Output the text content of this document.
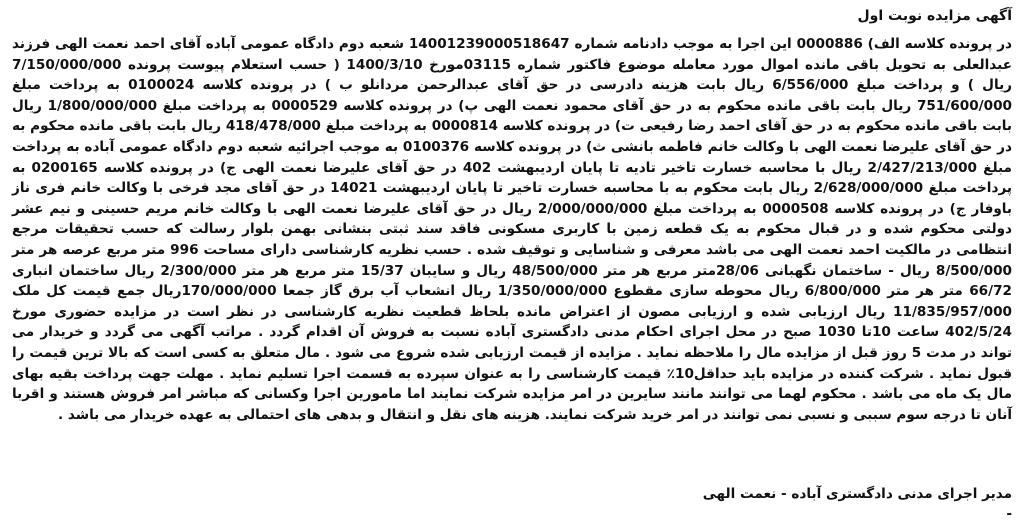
آگهی مزایده نوبت اول

در پرونده کلاسه الف) 0000886 این اجرا به موجب دادنامه شماره 14001239000518647 شعبه دوم دادگاه عمومی آباده آقای احمد نعمت الهی فرزند عبدالعلی به تحویل باقی مانده اموال مورد معامله موضوع فاکتور شماره 03115مورخ 1400/3/10 ( حسب استعلام پیوست پرونده 7/150/000/000 ریال ) و پرداخت مبلغ 6/556/000 ریال بابت هزینه دادرسی در حق آقای عبدالرحمن مردانلو ب ) در پرونده کلاسه 0100024 به پرداخت مبلغ 751/600/000 ریال بابت باقی مانده محکوم به در حق آقای محمود نعمت الهی پ) در پرونده کلاسه 0000529 به پرداخت مبلغ 1/800/000/000 ریال بابت باقی مانده محکوم به در حق آقای احمد رضا رفیعی ت) در پرونده کلاسه 0000814 به پرداخت مبلغ 418/478/000 ریال بابت باقی مانده محکوم به در حق آقای علیرضا نعمت الهی با وکالت خانم فاطمه بانشی ث) در پرونده کلاسه 0100376 به موجب اجرائیه شعبه دوم دادگاه عمومی آباده به پرداخت مبلغ 2/427/213/000 ریال با محاسبه خسارت تاخیر تادیه تا پایان اردیبهشت 402 در حق آقای علیرضا نعمت الهی ج) در پرونده کلاسه 0200165 به پرداخت مبلغ 2/628/000/000 ریال بابت محکوم به با محاسبه خسارت تاخیر تا پایان اردیبهشت 14021 در حق آقای مجد فرخی با وکالت خانم فری ناز باوفار ج) در پرونده کلاسه 0000508 به پرداخت مبلغ 2/000/000/000 ریال در حق آقای علیرضا نعمت الهی با وکالت خانم مریم حسینی و نیم عشر دولتی محکوم شده و در قبال محکوم به یک قطعه زمین با کاربری مسکونی فاقد سند ثبتی بنشانی بهمن بلوار رسالت که حسب تحقیقات مرجع انتظامی در مالکیت احمد نعمت الهی می باشد معرفی و شناسایی و توقیف شده . حسب نظریه کارشناسی دارای مساحت 996 متر مربع عرصه هر متر 8/500/000 ریال - ساختمان نگهبانی 28/06متر مربع هر متر 48/500/000 ریال و سایبان 15/37 متر مربع هر متر 2/300/000 ریال ساختمان انباری 66/72 متر هر متر 6/800/000 ریال محوطه سازی مقطوع 1/350/000/000 ریال انشعاب آب برق گاز جمعا 170/000/000ریال جمع قیمت کل ملک 11/835/957/000 ریال ارزیابی شده و ارزیابی مصون از اعتراض مانده بلحاظ قطعیت نظریه کارشناسی در نظر است در مزایده حضوری مورخ 402/5/24 ساعت 10تا 1030 صبح در محل اجرای احکام مدنی دادگستری آباده نسبت به فروش آن اقدام گردد . مراتب آگهی می گردد و خریدار می تواند در مدت 5 روز قبل از مزایده مال را ملاحظه نماید . مزایده از قیمت ارزیابی شده شروع می شود . مال متعلق به کسی است که بالا ترین قیمت را قبول نماید . شرکت کننده در مزایده باید حداقل10٪ قیمت کارشناسی را به عنوان سپرده به قسمت اجرا تسلیم نماید . مهلت جهت پرداخت بقیه بهای مال یک ماه می باشد . محکوم لهما می توانند مانند سایرین در امر مزایده شرکت نمایند اما مامورین اجرا وکسانی که مباشر امر فروش هستند و اقربا آنان تا درجه سوم سببی و نسبی نمی توانند در امر خرید شرکت نمایند. هزینه های نقل و انتقال و بدهی های احتمالی به عهده خریدار می باشد .

مدیر اجرای مدنی دادگستری آباده - نعمت الهی
-
